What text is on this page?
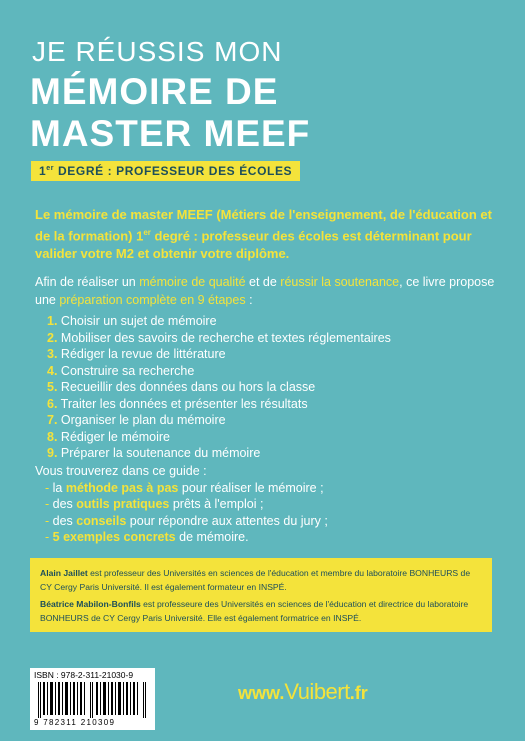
JE RÉUSSIS MON
MÉMOIRE DE
MASTER MEEF
1er DEGRÉ : PROFESSEUR DES ÉCOLES
Le mémoire de master MEEF (Métiers de l'enseignement, de l'éducation et de la formation) 1er degré : professeur des écoles est déterminant pour valider votre M2 et obtenir votre diplôme.
Afin de réaliser un mémoire de qualité et de réussir la soutenance, ce livre propose une préparation complète en 9 étapes :
1. Choisir un sujet de mémoire
2. Mobiliser des savoirs de recherche et textes réglementaires
3. Rédiger la revue de littérature
4. Construire sa recherche
5. Recueillir des données dans ou hors la classe
6. Traiter les données et présenter les résultats
7. Organiser le plan du mémoire
8. Rédiger le mémoire
9. Préparer la soutenance du mémoire
Vous trouverez dans ce guide :
- la méthode pas à pas pour réaliser le mémoire ;
- des outils pratiques prêts à l'emploi ;
- des conseils pour répondre aux attentes du jury ;
- 5 exemples concrets de mémoire.

Alain Jaillet est professeur des Universités en sciences de l'éducation et membre du laboratoire BONHEURS de CY Cergy Paris Université. Il est également formateur en INSPÉ.

Béatrice Mabilon-Bonfils est professeure des Universités en sciences de l'éducation et directrice du laboratoire BONHEURS de CY Cergy Paris Université. Elle est également formatrice en INSPÉ.

ISBN : 978-2-311-21030-9
9 782311 210309
www.Vuibert.fr
